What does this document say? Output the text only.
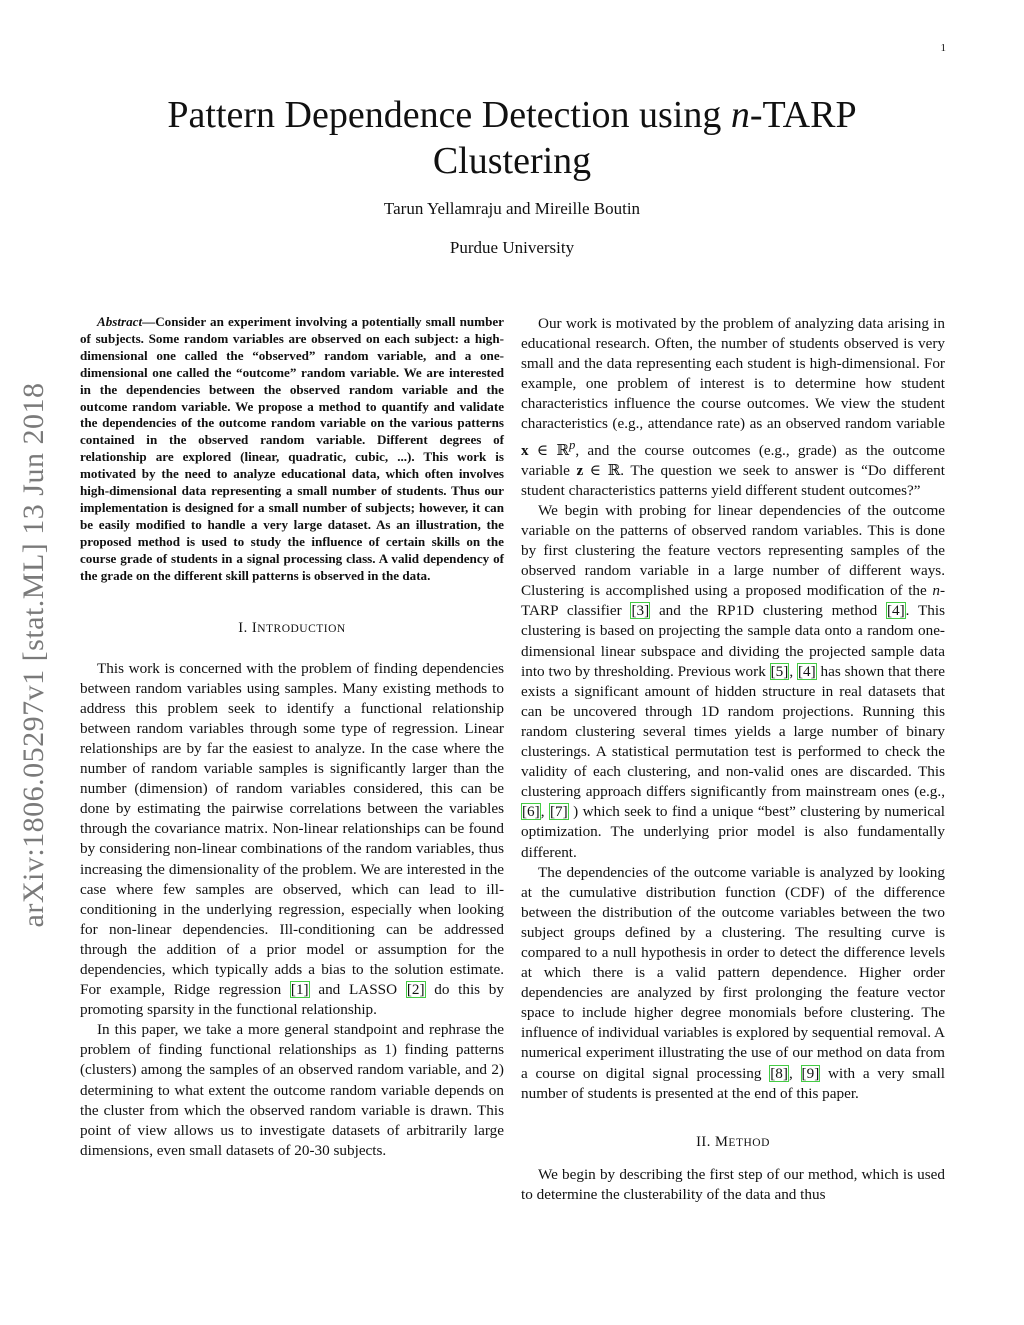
1
arXiv:1806.05297v1 [stat.ML] 13 Jun 2018
Pattern Dependence Detection using n-TARP Clustering
Tarun Yellamraju and Mireille Boutin
Purdue University

Abstract—Consider an experiment involving a potentially small number of subjects. Some random variables are observed on each subject: a high-dimensional one called the “observed” random variable, and a one-dimensional one called the “outcome” random variable. We are interested in the dependencies between the observed random variable and the outcome random variable. We propose a method to quantify and validate the dependencies of the outcome random variable on the various patterns contained in the observed random variable. Different degrees of relationship are explored (linear, quadratic, cubic, ...). This work is motivated by the need to analyze educational data, which often involves high-dimensional data representing a small number of students. Thus our implementation is designed for a small number of subjects; however, it can be easily modified to handle a very large dataset. As an illustration, the proposed method is used to study the influence of certain skills on the course grade of students in a signal processing class. A valid dependency of the grade on the different skill patterns is observed in the data.

I. INTRODUCTION

This work is concerned with the problem of finding dependencies between random variables using samples. Many existing methods to address this problem seek to identify a functional relationship between random variables through some type of regression. Linear relationships are by far the easiest to analyze. In the case where the number of random variable samples is significantly larger than the number (dimension) of random variables considered, this can be done by estimating the pairwise correlations between the variables through the covariance matrix. Non-linear relationships can be found by considering non-linear combinations of the random variables, thus increasing the dimensionality of the problem. We are interested in the case where few samples are observed, which can lead to ill-conditioning in the underlying regression, especially when looking for non-linear dependencies. Ill-conditioning can be addressed through the addition of a prior model or assumption for the dependencies, which typically adds a bias to the solution estimate. For example, Ridge regression [1] and LASSO [2] do this by promoting sparsity in the functional relationship.

In this paper, we take a more general standpoint and rephrase the problem of finding functional relationships as 1) finding patterns (clusters) among the samples of an observed random variable, and 2) determining to what extent the outcome random variable depends on the cluster from which the observed random variable is drawn. This point of view allows us to investigate datasets of arbitrarily large dimensions, even small datasets of 20-30 subjects.

Our work is motivated by the problem of analyzing data arising in educational research. Often, the number of students observed is very small and the data representing each student is high-dimensional. For example, one problem of interest is to determine how student characteristics influence the course outcomes. We view the student characteristics (e.g., attendance rate) as an observed random variable x ∈ ℝ$^p$, and the course outcomes (e.g., grade) as the outcome variable z ∈ ℝ. The question we seek to answer is “Do different student characteristics patterns yield different student outcomes?”

We begin with probing for linear dependencies of the outcome variable on the patterns of observed random variables. This is done by first clustering the feature vectors representing samples of the observed random variable in a large number of different ways. Clustering is accomplished using a proposed modification of the n-TARP classifier [3] and the RP1D clustering method [4]. This clustering is based on projecting the sample data onto a random one-dimensional linear subspace and dividing the projected sample data into two by thresholding. Previous work [5], [4] has shown that there exists a significant amount of hidden structure in real datasets that can be uncovered through 1D random projections. Running this random clustering several times yields a large number of binary clusterings. A statistical permutation test is performed to check the validity of each clustering, and non-valid ones are discarded. This clustering approach differs significantly from mainstream ones (e.g., [6], [7] ) which seek to find a unique “best” clustering by numerical optimization. The underlying prior model is also fundamentally different.

The dependencies of the outcome variable is analyzed by looking at the cumulative distribution function (CDF) of the difference between the distribution of the outcome variables between the two subject groups defined by a clustering. The resulting curve is compared to a null hypothesis in order to detect the difference levels at which there is a valid pattern dependence. Higher order dependencies are analyzed by first prolonging the feature vector space to include higher degree monomials before clustering. The influence of individual variables is explored by sequential removal. A numerical experiment illustrating the use of our method on data from a course on digital signal processing [8], [9] with a very small number of students is presented at the end of this paper.

II. METHOD

We begin by describing the first step of our method, which is used to determine the clusterability of the data and thus
